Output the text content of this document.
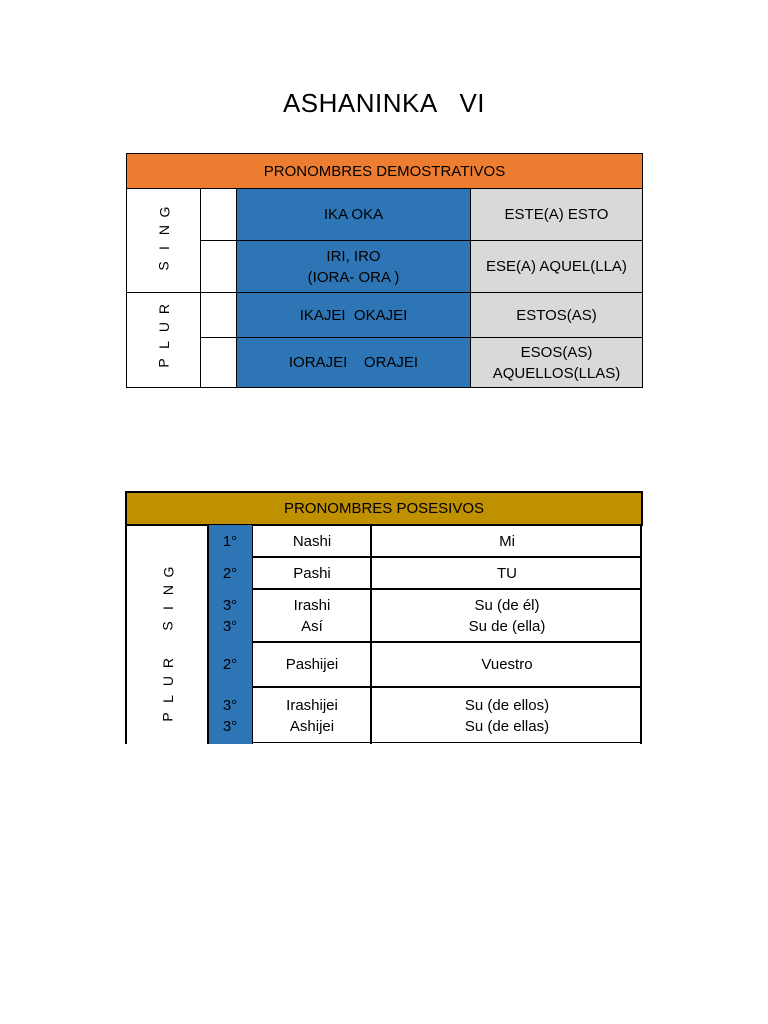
ASHANINKA   VI
PRONOMBRES DEMOSTRATIVOS
G
N
I
S
R
U
L
P
IKA OKA
IRI, IRO
(IORA- ORA )
IKAJEI  OKAJEI
IORAJEI    ORAJEI
ESTE(A) ESTO
ESE(A) AQUEL(LLA)
ESTOS(AS)
ESOS(AS)
AQUELLOS(LLAS)
PRONOMBRES POSESIVOS
G
N
I
S
R
U
L
P
1°
2°
3°
3°
2°
3°
3°
Nashi
Pashi
Irashi
Así
Pashijei
Irashijei
Ashijei
Mi
TU
Su (de él)
Su de (ella)
Vuestro
Su (de ellos)
Su (de ellas)
